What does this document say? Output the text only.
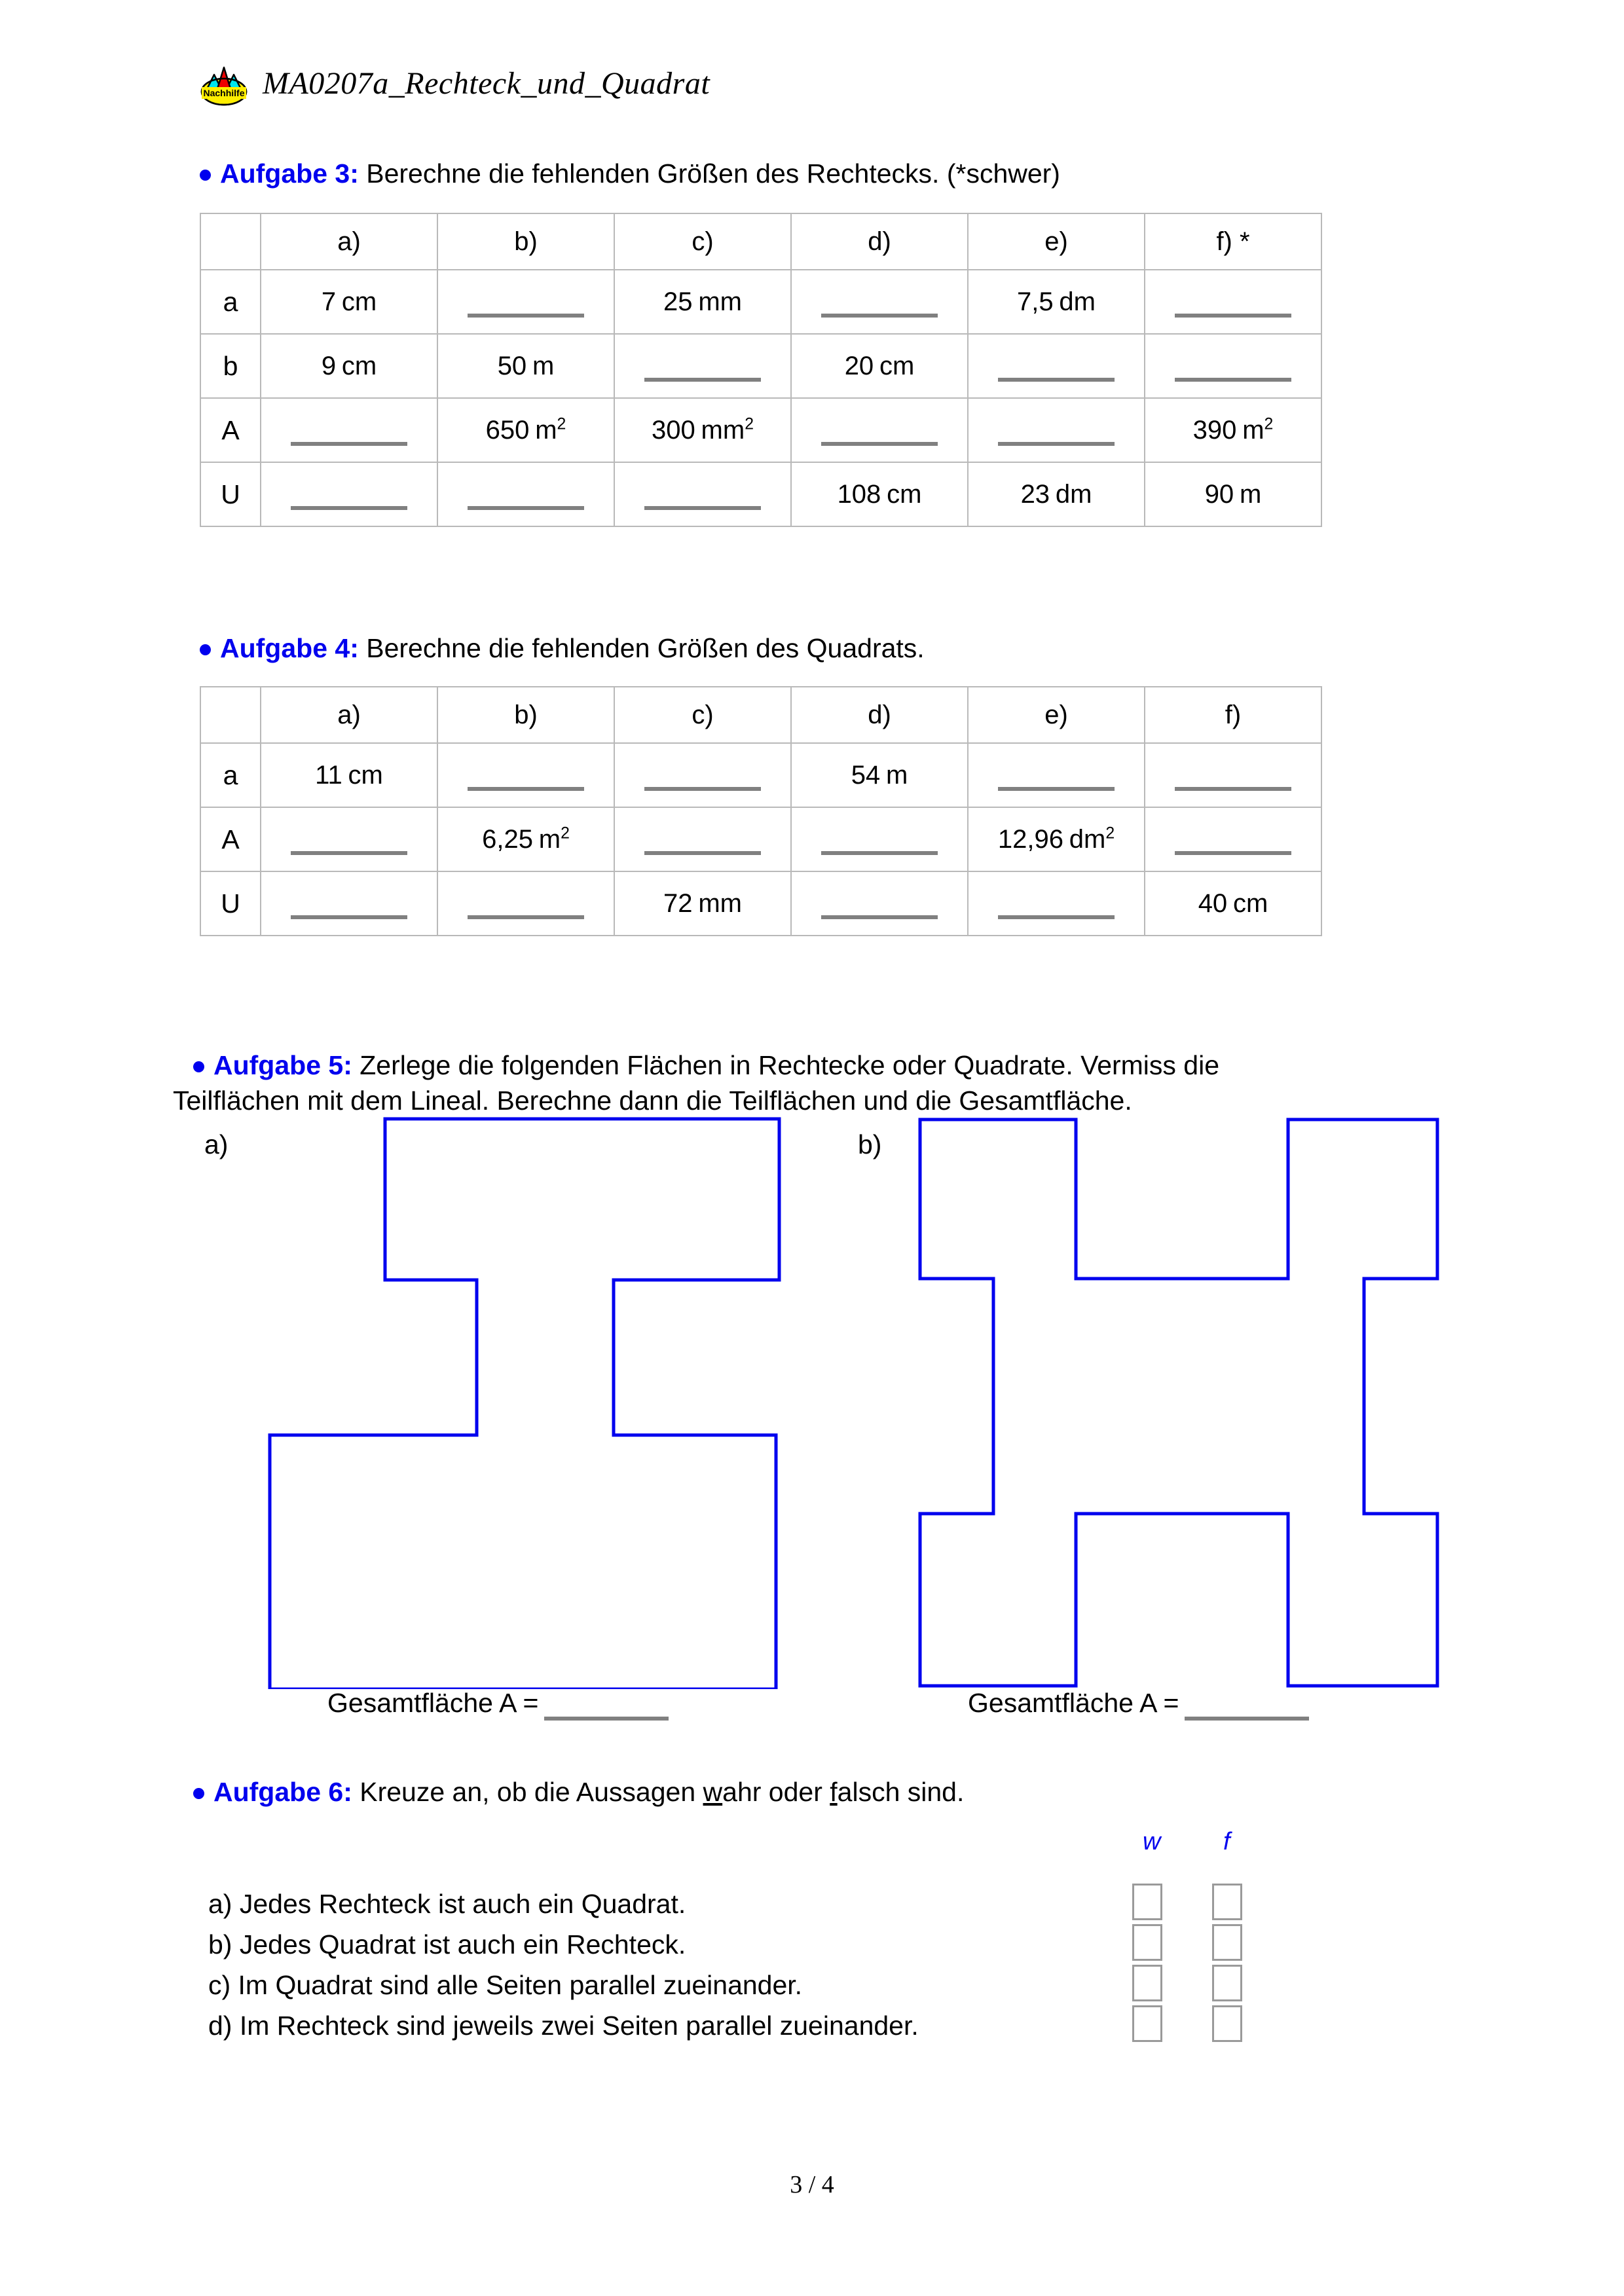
Nachhilfe MA0207a_Rechteck_und_Quadrat
Aufgabe 3: Berechne die fehlenden Größen des Rechtecks. (*schwer)
	a)	b)	c)	d)	e)	f) *
a	7 cm		25 mm		7,5 dm	
b	9 cm	50 m		20 cm		
A		650 $m^2$	300 $mm^2$			390 $m^2$
U				108 cm	23 dm	90 m
Aufgabe 4: Berechne die fehlenden Größen des Quadrats.
	a)	b)	c)	d)	e)	f)
a	11 cm			54 m		
A		6,25 $m^2$			12,96 $dm^2$	
U			72 mm			40 cm
Aufgabe 5: Zerlege die folgenden Flächen in Rechtecke oder Quadrate. Vermiss die
Teilflächen mit dem Lineal. Berechne dann die Teilflächen und die Gesamtfläche.
a)	b)
Gesamtfläche A =	Gesamtfläche A =
Aufgabe 6: Kreuze an, ob die Aussagen wahr oder falsch sind.
w	f
a) Jedes Rechteck ist auch ein Quadrat.
b) Jedes Quadrat ist auch ein Rechteck.
c) Im Quadrat sind alle Seiten parallel zueinander.
d) Im Rechteck sind jeweils zwei Seiten parallel zueinander.
3 / 4
